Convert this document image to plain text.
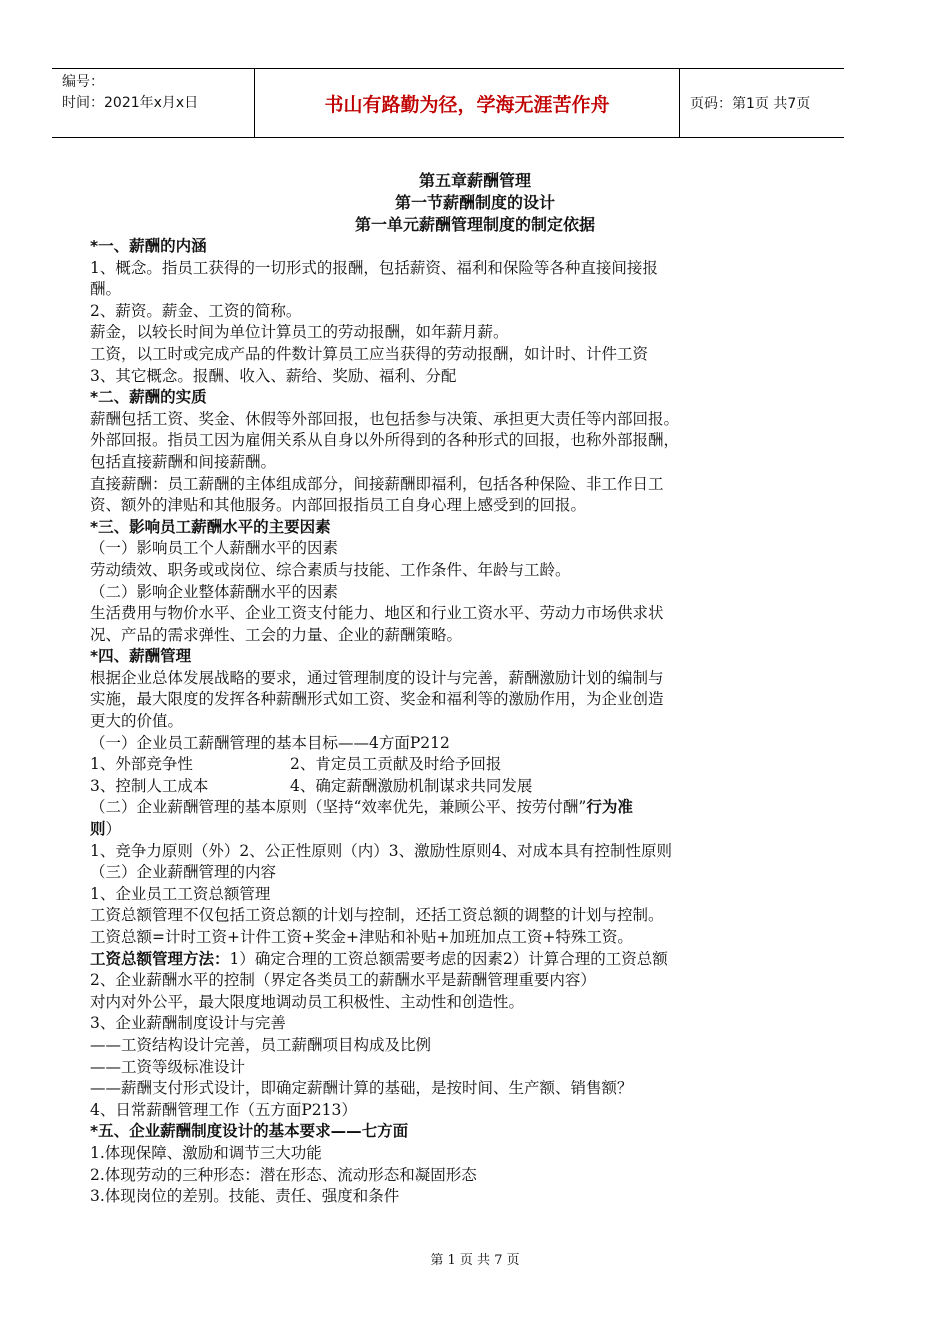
编号：
时间：2021年x月x日	书山有路勤为径，学海无涯苦作舟	页码：第1页 共7页
第五章薪酬管理
第一节薪酬制度的设计
第一单元薪酬管理制度的制定依据
*一、薪酬的内涵
1、概念。指员工获得的一切形式的报酬，包括薪资、福利和保险等各种直接间接报
酬。
2、薪资。薪金、工资的简称。
薪金，以较长时间为单位计算员工的劳动报酬，如年薪月薪。
工资，以工时或完成产品的件数计算员工应当获得的劳动报酬，如计时、计件工资
3、其它概念。报酬、收入、薪给、奖励、福利、分配
*二、薪酬的实质
薪酬包括工资、奖金、休假等外部回报，也包括参与决策、承担更大责任等内部回报。
外部回报。指员工因为雇佣关系从自身以外所得到的各种形式的回报，也称外部报酬，
包括直接薪酬和间接薪酬。
直接薪酬：员工薪酬的主体组成部分，间接薪酬即福利，包括各种保险、非工作日工
资、额外的津贴和其他服务。内部回报指员工自身心理上感受到的回报。
*三、影响员工薪酬水平的主要因素
（一）影响员工个人薪酬水平的因素
劳动绩效、职务或或岗位、综合素质与技能、工作条件、年龄与工龄。
（二）影响企业整体薪酬水平的因素
生活费用与物价水平、企业工资支付能力、地区和行业工资水平、劳动力市场供求状
况、产品的需求弹性、工会的力量、企业的薪酬策略。
*四、薪酬管理
根据企业总体发展战略的要求，通过管理制度的设计与完善，薪酬激励计划的编制与
实施，最大限度的发挥各种薪酬形式如工资、奖金和福利等的激励作用，为企业创造
更大的价值。
（一）企业员工薪酬管理的基本目标——4方面P212
1、外部竞争性	2、肯定员工贡献及时给予回报
3、控制人工成本	4、确定薪酬激励机制谋求共同发展
（二）企业薪酬管理的基本原则（坚持“效率优先，兼顾公平、按劳付酬”行为准
则）
1、竞争力原则（外）2、公正性原则（内）3、激励性原则4、对成本具有控制性原则
（三）企业薪酬管理的内容
1、企业员工工资总额管理
工资总额管理不仅包括工资总额的计划与控制，还括工资总额的调整的计划与控制。
工资总额=计时工资+计件工资+奖金+津贴和补贴+加班加点工资+特殊工资。
工资总额管理方法：1）确定合理的工资总额需要考虑的因素2）计算合理的工资总额
2、企业薪酬水平的控制（界定各类员工的薪酬水平是薪酬管理重要内容）
对内对外公平，最大限度地调动员工积极性、主动性和创造性。
3、企业薪酬制度设计与完善
——工资结构设计完善，员工薪酬项目构成及比例
——工资等级标准设计
——薪酬支付形式设计，即确定薪酬计算的基础，是按时间、生产额、销售额？
4、日常薪酬管理工作（五方面P213）
*五、企业薪酬制度设计的基本要求——七方面
1.体现保障、激励和调节三大功能
2.体现劳动的三种形态：潜在形态、流动形态和凝固形态
3.体现岗位的差别。技能、责任、强度和条件
第 1 页 共 7 页
